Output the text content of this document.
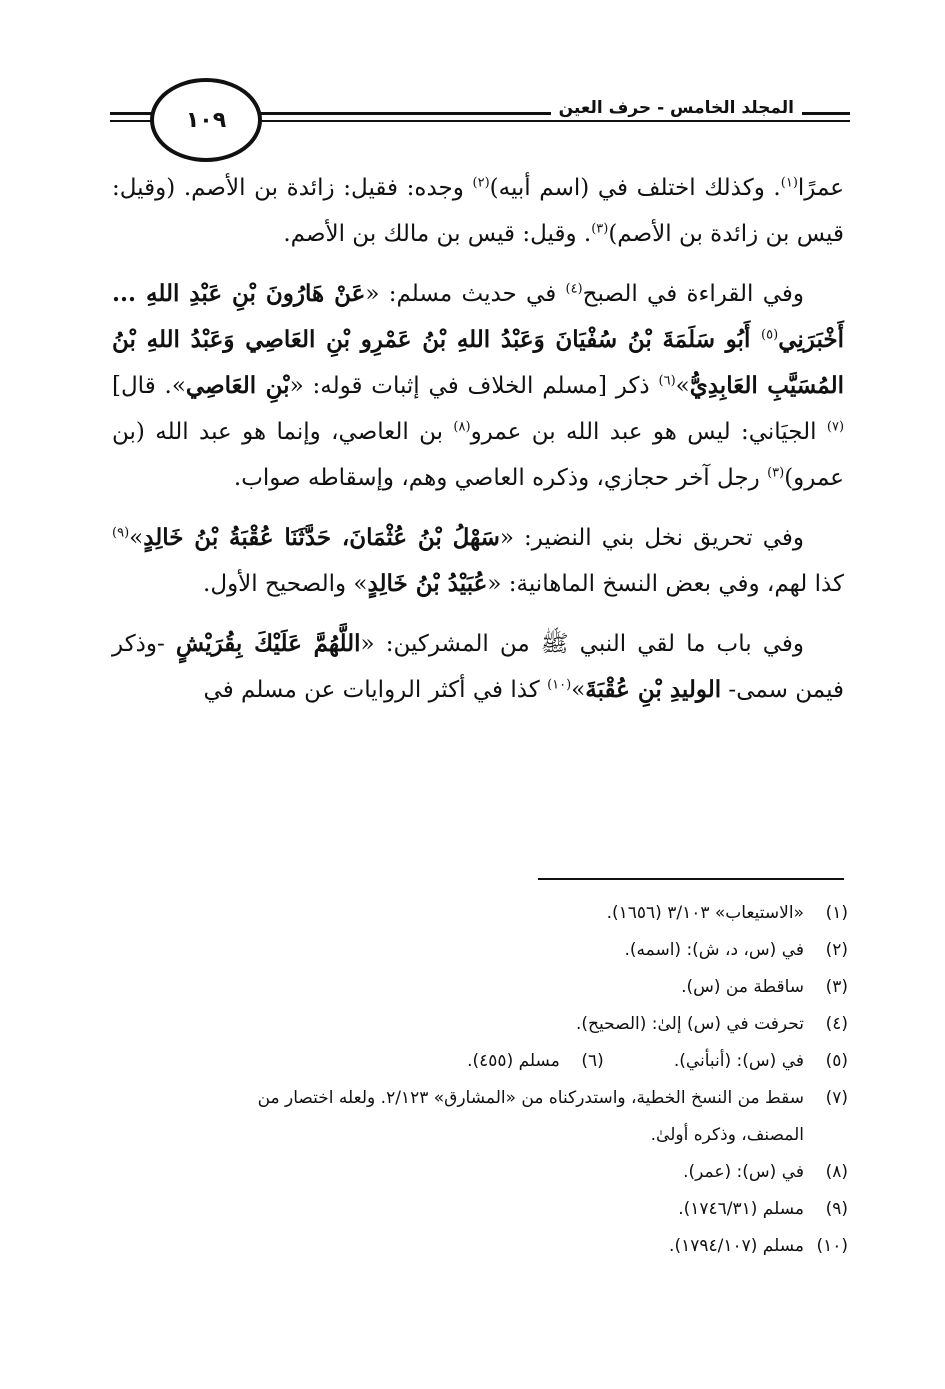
المجلد الخامس - حرف العين
١٠٩

عمرًا$^{(١)}$. وكذلك اختلف في (اسم أبيه)$^{(٢)}$ وجده: فقيل: زائدة بن الأصم. (وقيل: قيس بن زائدة بن الأصم)$^{(٣)}$. وقيل: قيس بن مالك بن الأصم.

وفي القراءة في الصبح$^{(٤)}$ في حديث مسلم: «عَنْ هَارُونَ بْنِ عَبْدِ اللهِ ... أَخْبَرَنِي$^{(٥)}$ أَبُو سَلَمَةَ بْنُ سُفْيَانَ وَعَبْدُ اللهِ بْنُ عَمْرِو بْنِ العَاصِي وَعَبْدُ اللهِ بْنُ المُسَيَّبِ العَابِدِيُّ»$^{(٦)}$ ذكر [مسلم الخلاف في إثبات قوله: «بْنِ العَاصِي». قال]$^{(٧)}$ الجيَاني: ليس هو عبد الله بن عمرو$^{(٨)}$ بن العاصي، وإنما هو عبد الله (بن عمرو)$^{(٣)}$ رجل آخر حجازي، وذكره العاصي وهم، وإسقاطه صواب.

وفي تحريق نخل بني النضير: «سَهْلُ بْنُ عُثْمَانَ، حَدَّثَنَا عُقْبَةُ بْنُ خَالِدٍ»$^{(٩)}$ كذا لهم، وفي بعض النسخ الماهانية: «عُبَيْدُ بْنُ خَالِدٍ» والصحيح الأول.

وفي باب ما لقي النبي ﷺ من المشركين: «اللَّهُمَّ عَلَيْكَ بِقُرَيْشٍ -وذكر فيمن سمى- الوليدِ بْنِ عُقْبَةَ»$^{(١٠)}$ كذا في أكثر الروايات عن مسلم في

(١)
«الاستيعاب» ٣/١٠٣ (١٦٥٦).
(٢)
في (س، د، ش): (اسمه).
(٣)
ساقطة من (س).
(٤)
تحرفت في (س) إلىٰ: (الصحيح).
(٥)
في (س): (أنبأني).
(٦)
مسلم (٤٥٥).
(٧)
سقط من النسخ الخطية، واستدركناه من «المشارق» ٢/١٢٣. ولعله اختصار من
المصنف، وذكره أولىٰ.
(٨)
في (س): (عمر).
(٩)
مسلم (١٧٤٦/٣١).
(١٠)
مسلم (١٧٩٤/١٠٧).
